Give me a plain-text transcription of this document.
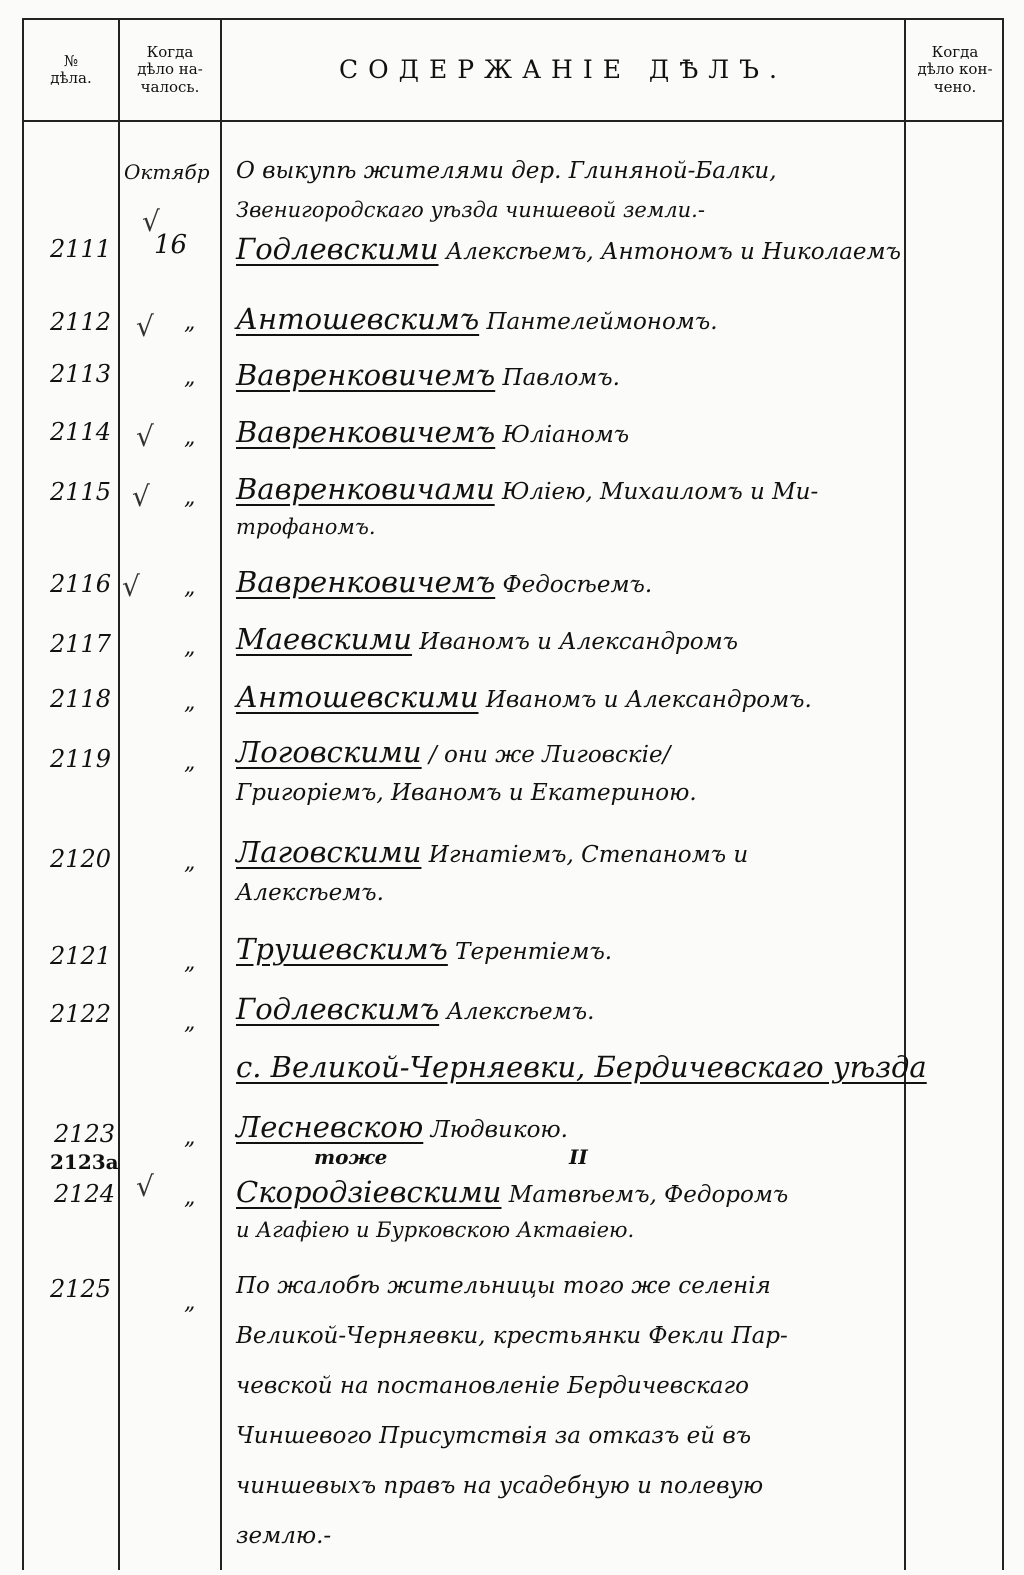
№
дѣла.
Когда
дѣло на-
чалось.
СОДЕРЖАНІЕ ДѢЛЪ.
Когда
дѣло кон-
чено.
Октябр
16
„
„
„
„
„
„
„
„
„
„
„
„
„
„
√
√
√
√
√
√
О выкупѣ жителями дер. Глиняной-Балки,
Звенигородскаго уѣзда чиншевой земли.-
2111
2112
2113
2114
2115
2116
2117
2118
2119
2120
2121
2122
2123
2123а
2124
2125
Годлевскими Алексѣемъ, Антономъ и Николаемъ
Антошевскимъ Пантелеймономъ.
Вавренковичемъ Павломъ.
Вавренковичемъ Юліаномъ
Вавренковичами Юліею, Михаиломъ и Ми-
трофаномъ.
Вавренковичемъ Федосѣемъ.
Маевскими Иваномъ и Александромъ
Антошевскими Иваномъ и Александромъ.
Логовскими / они же Лиговскіе/
Григоріемъ, Иваномъ и Екатериною.
Лаговскими Игнатіемъ, Степаномъ и
Алексѣемъ.
Трушевскимъ Терентіемъ.
Годлевскимъ Алексѣемъ.
с. Великой-Черняевки, Бердичевскаго уѣзда
Лесневскою Людвикою.
тоже	II
Скородзіевскими Матвѣемъ, Федоромъ
и Агафіею и Бурковскою Актавіею.
По жалобѣ жительницы того же селенія
Великой-Черняевки, крестьянки Фекли Пар-
чевской на постановленіе Бердичевскаго
Чиншевого Присутствія за отказъ ей въ
чиншевыхъ правъ на усадебную и полевую
землю.-
